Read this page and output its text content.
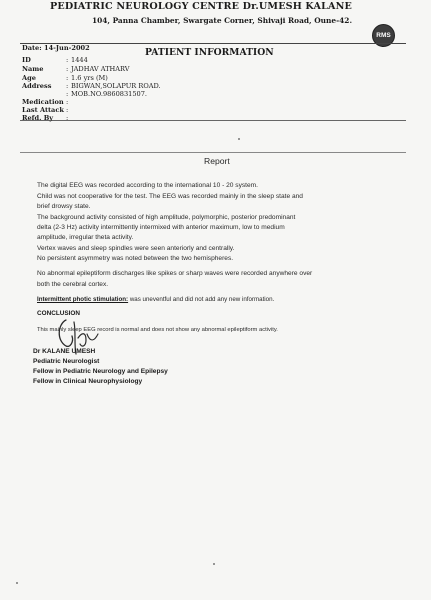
PEDIATRIC NEUROLOGY CENTRE Dr.UMESH KALANE
104, Panna Chamber, Swargate Corner, Shivaji Road, Oune-42.
RMS
PATIENT INFORMATION
Date: 14-Jun-2002
ID	: 1444
Name	: JADHAV ATHARV
Age	: 1.6 yrs (M)
Address : BIGWAN,SOLAPUR ROAD.
: MOB.NO.9860831507.
Medication :
Last Attack :
Refd. By :
Report
The digital EEG was recorded according to the international 10 - 20 system.
Child was not cooperative for the test. The EEG was recorded mainly in the sleep state and
brief drowsy state.
The background activity consisted of high amplitude, polymorphic, posterior predominant
delta (2-3 Hz) activity intermittently intermixed with anterior maximum, low to medium
amplitude, irregular theta activity.
Vertex waves and sleep spindles were seen anteriorly and centrally.
No persistent asymmetry was noted between the two hemispheres.
No abnormal epileptiform discharges like spikes or sharp waves were recorded anywhere over
both the cerebral cortex.
Intermittent photic stimulation: was uneventful and did not add any new information.
CONCLUSION
This mainly sleep EEG record is normal and does not show any abnormal epileptiform activity.
Dr KALANE UMESH
Pediatric Neurologist
Fellow in Pediatric Neurology and Epilepsy
Fellow in Clinical Neurophysiology
